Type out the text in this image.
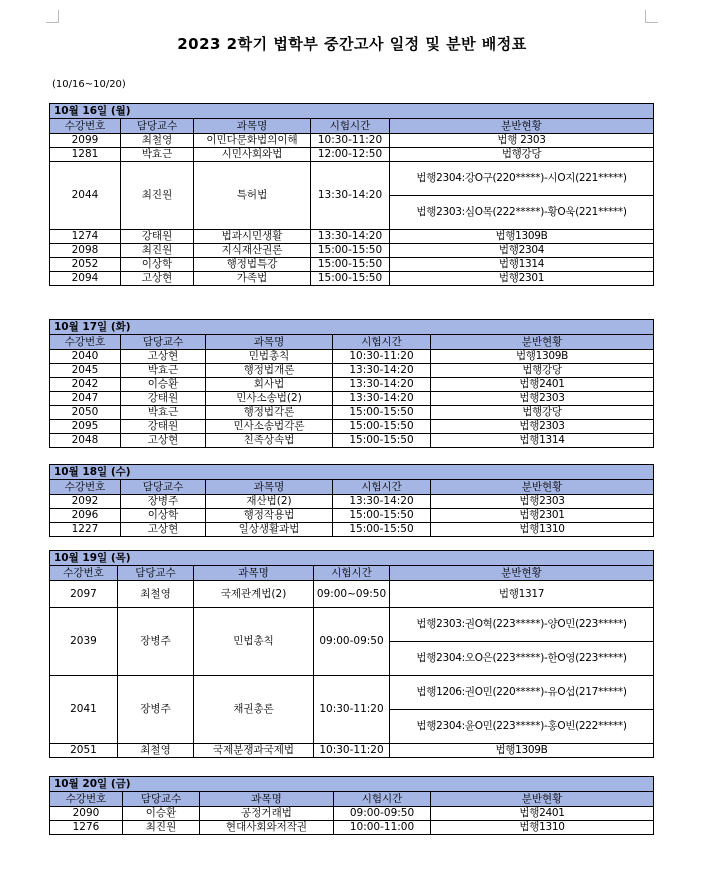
2023 2학기 법학부 중간고사 일정 및 분반 배정표
(10/16~10/20)
10월 16일 (월)				
수강번호	담당교수	과목명	시험시간	분반현황
2099	최철영	이민다문화법의이해	10:30-11:20	법행 2303
1281	박효근	시민사회와법	12:00-12:50	법행강당
2044	최진원	특허법	13:30-14:20	법행2304:강O구(220*****)-시O지(221*****)
				법행2303:심O목(222*****)-황O욱(221*****)
1274	강태원	법과시민생활	13:30-14:20	법행1309B
2098	최진원	지식재산권론	15:00-15:50	법행2304
2052	이상학	행정법특강	15:00-15:50	법행1314
2094	고상현	가족법	15:00-15:50	법행2301
10월 17일 (화)				
수강번호	담당교수	과목명	시험시간	분반현황
2040	고상현	민법총칙	10:30-11:20	법행1309B
2045	박효근	행정법개론	13:30-14:20	법행강당
2042	이승환	회사법	13:30-14:20	법행2401
2047	강태원	민사소송법(2)	13:30-14:20	법행2303
2050	박효근	행정법각론	15:00-15:50	법행강당
2095	강태원	민사소송법각론	15:00-15:50	법행2303
2048	고상현	친족상속법	15:00-15:50	법행1314
10월 18일 (수)				
수강번호	담당교수	과목명	시험시간	분반현황
2092	장병주	재산법(2)	13:30-14:20	법행2303
2096	이상학	행정작용법	15:00-15:50	법행2301
1227	고상현	일상생활과법	15:00-15:50	법행1310
10월 19일 (목)				
수강번호	담당교수	과목명	시험시간	분반현황
2097	최철영	국제관계법(2)	09:00~09:50	법행1317
2039	장병주	민법총칙	09:00-09:50	법행2303:권O혁(223*****)-양O민(223*****)
				법행2304:오O은(223*****)-한O영(223*****)
2041	장병주	채권총론	10:30-11:20	법행1206:권O민(220*****)-유O섭(217*****)
				법행2304:윤O민(223*****)-홍O빈(222*****)
2051	최철영	국제분쟁과국제법	10:30-11:20	법행1309B
10월 20일 (금)				
수강번호	담당교수	과목명	시험시간	분반현황
2090	이승환	공정거래법	09:00-09:50	법행2401
1276	최진원	현대사회와저작권	10:00-11:00	법행1310
